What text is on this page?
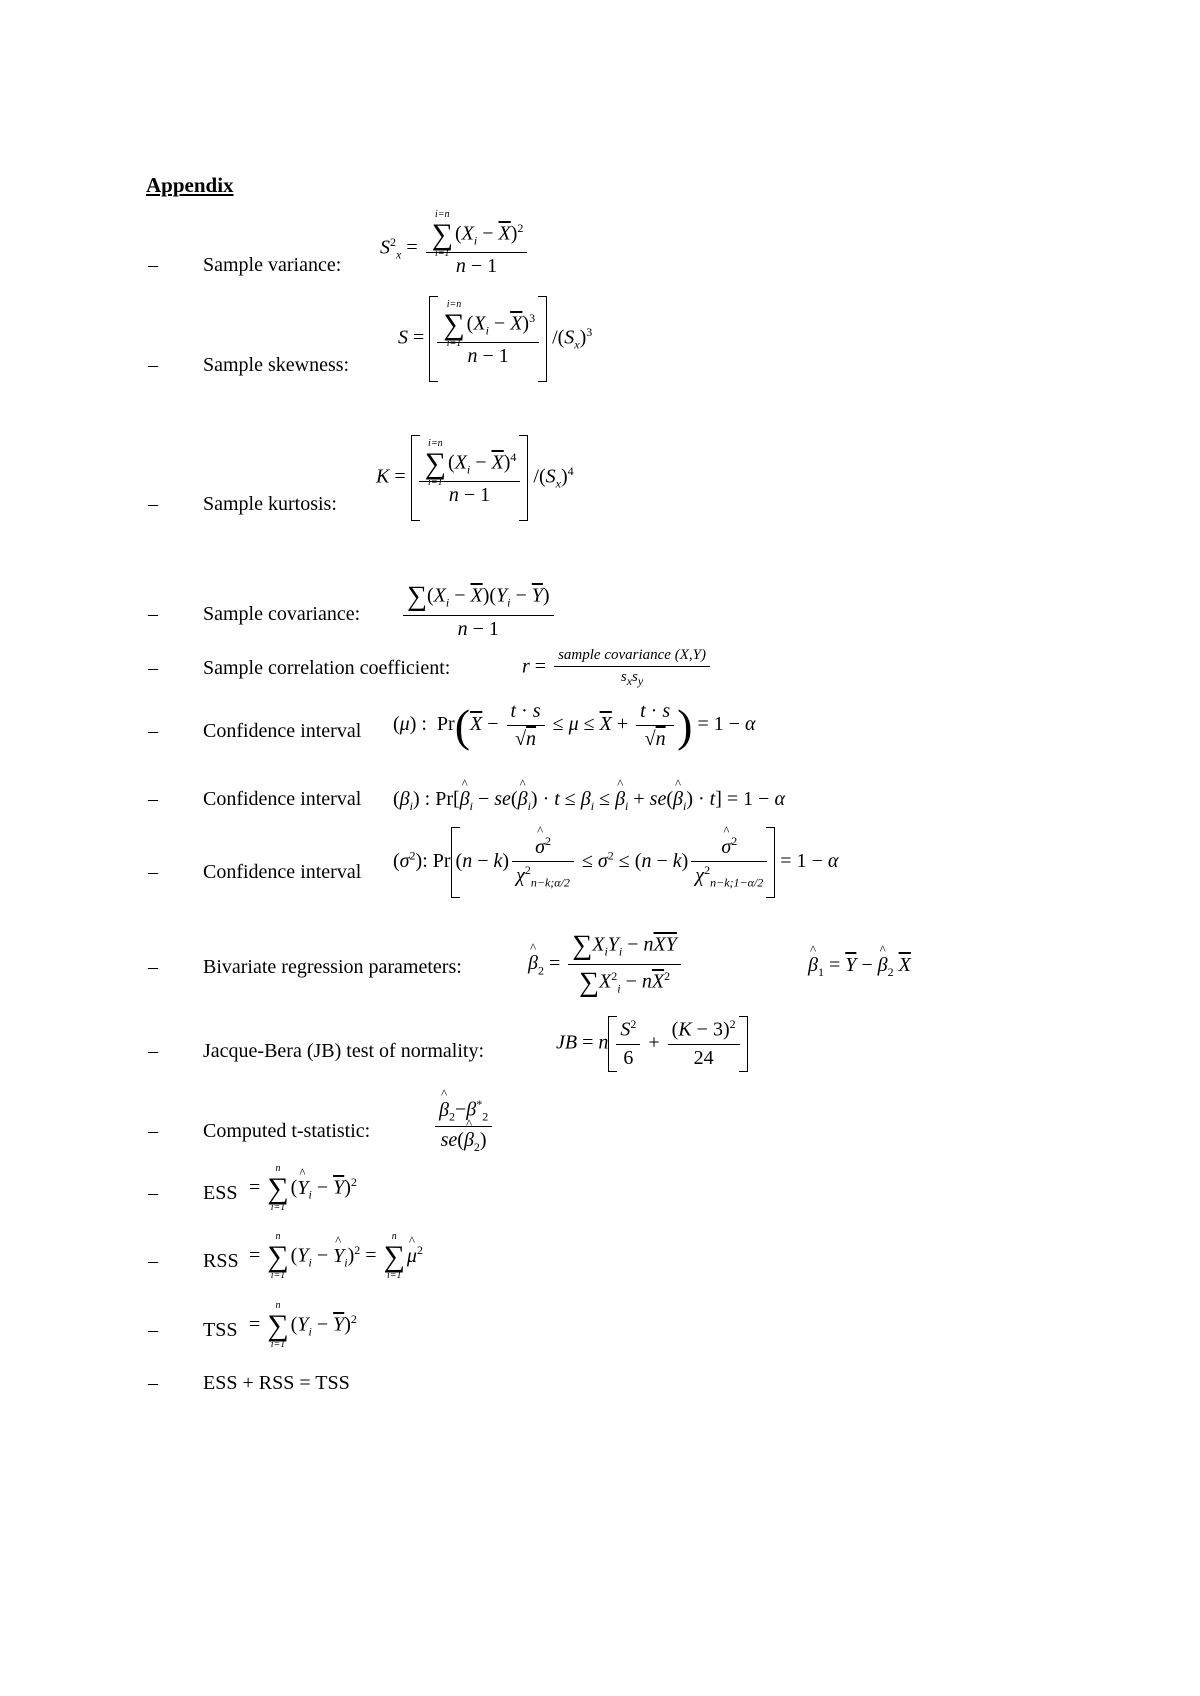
Appendix
– Sample variance:
$S^2_x$ = ∑
i=n
i=1
$(X_i - \overline{X})^2$
n − 1
– Sample skewness:
S = ∑
i=n
i=1
$(X_i - \overline{X})^3$
n − 1 $/(S_x)^3$
– Sample kurtosis:
K = ∑
i=n
i=1
$(X_i - \overline{X})^4$
n − 1 $/(S_x)^4$
– Sample covariance: $\frac{\sum(X_i - \overline{X})(Y_i - \overline{Y})}{n - 1}$
– Sample correlation coefficient:	$r = \frac{\text{sample covariance (X,Y)}}{s_xs_y}$
– Confidence interval (μ) :  $Pr(\overline{X} - \frac{t \cdot s}{√n} \le \mu \le \overline{X} + \frac{t \cdot s}{√n}$ ) = 1 − α
– Confidence interval $(\beta_i)$ : Pr[^ $\beta_i$ − se(^ $\beta_i) \cdot t \le \beta_i$ ≤ ^ $\beta_i$ + se(^ $\beta_i) \cdot t] = 1 - \alpha$
– Confidence interval $(\sigma^2)$: Pr (n − k) ^ $\frac{\sigma^2}{\chi^2_{n-k;\alpha/2}} \le \sigma^2 \le (n - k)$ ^ $\frac{\sigma^2}{\chi^2_{n-k;1-\alpha/2}} = 1 - \alpha$
– Bivariate regression parameters:	^ $\beta_2 = \frac{\sum X_iY_i - n\overline{XY}}{\sum X^2_i - n\overline{X}^2}$	^ $\beta_1 = \overline{Y}$ − ^ $\beta_2$ $\overline{X}$
– Jacque-Bera (JB) test of normality:	JB = n $\frac{S^2}{6} + \frac{(K - 3)^2}{24}$
– Computed t-statistic:	^ $\frac{\beta_2-\beta^*_2}{se(\^{} \beta_2)}$
– ESS = ∑
n
i=1
(^ $Y_i - \overline{Y})^2$
– RSS = ∑
n
i=1
($Y_i$ − ^ $Y_i)^2$ = ∑
n
i=1
^ $\mu^2$
– TSS = ∑
n
i=1
$(Y_i - \overline{Y})^2$
– ESS + RSS = TSS
